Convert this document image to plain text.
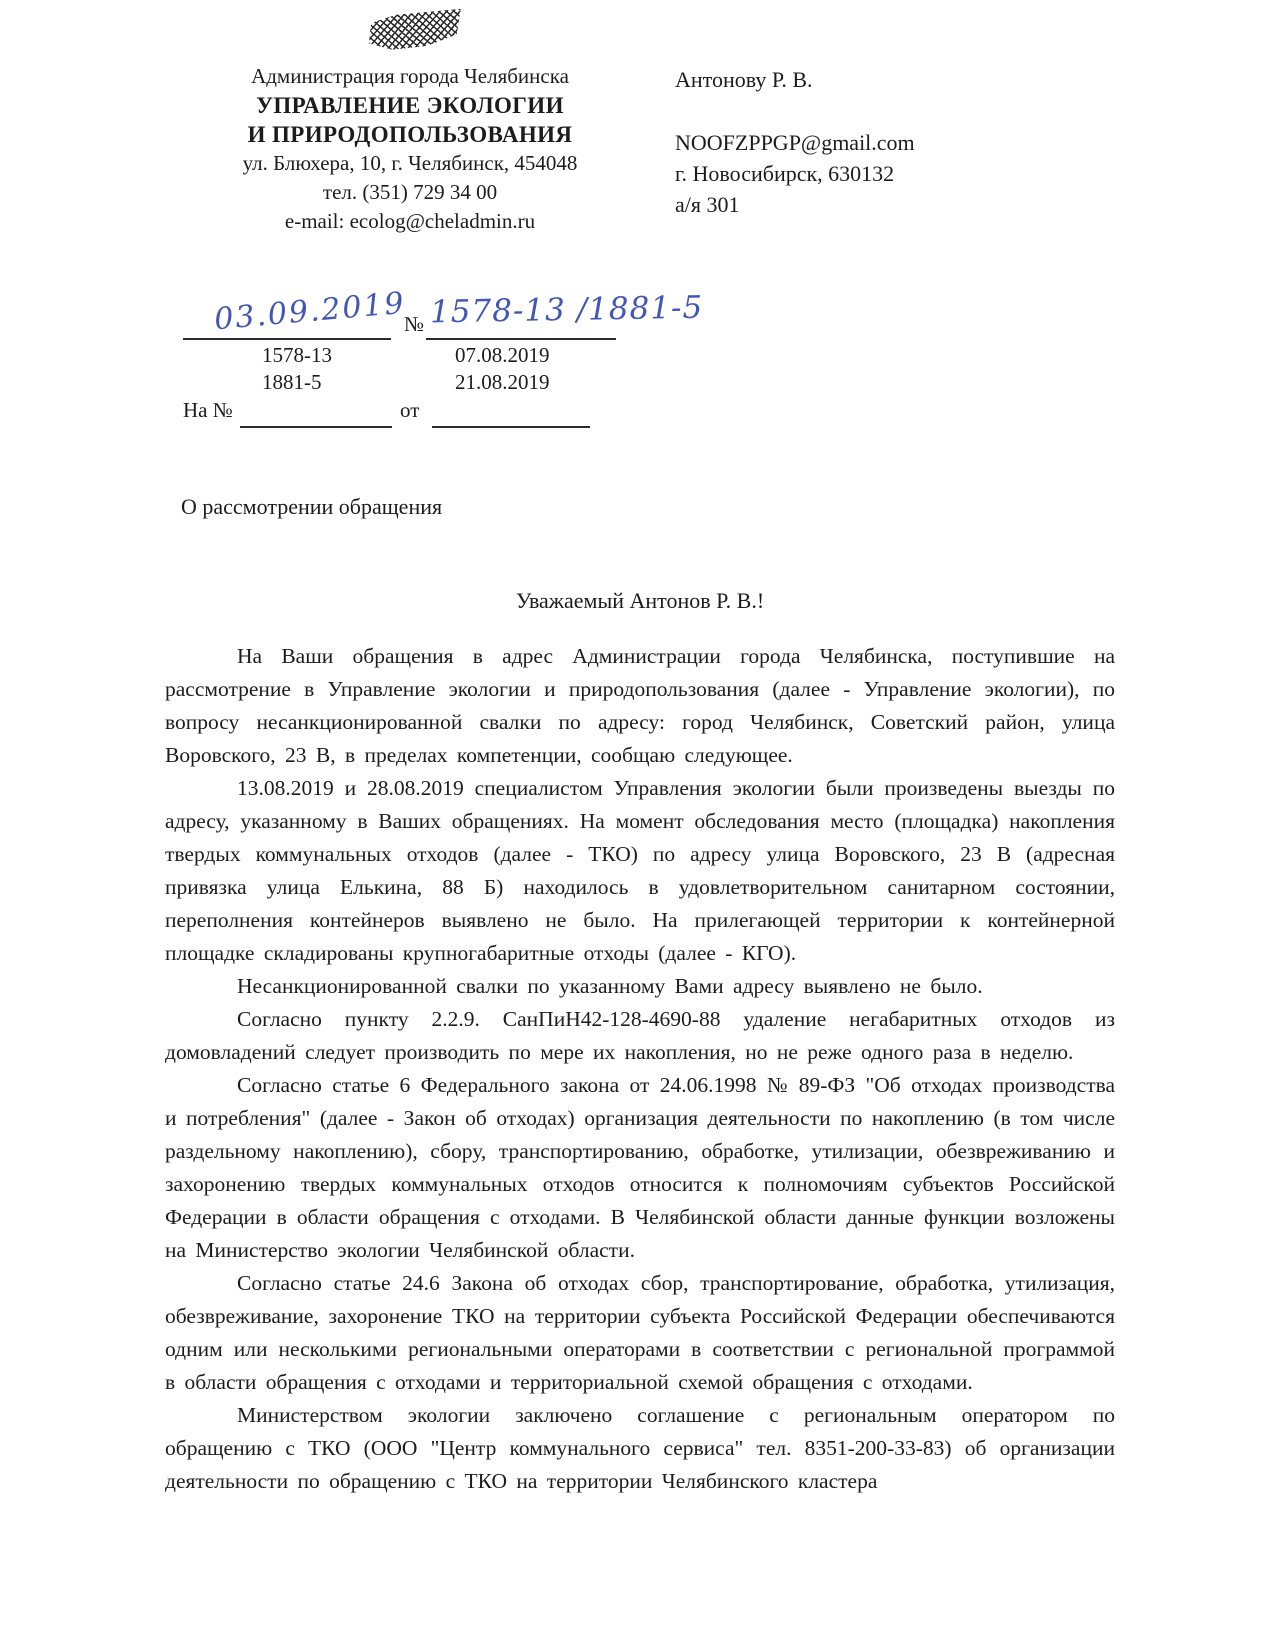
Администрация города Челябинска
УПРАВЛЕНИЕ ЭКОЛОГИИ
И ПРИРОДОПОЛЬЗОВАНИЯ
ул. Блюхера, 10, г. Челябинск, 454048
тел. (351) 729 34 00
e-mail: ecolog@cheladmin.ru
Антонову Р. В.
NOOFZPPGP@gmail.com
г. Новосибирск, 630132
а/я 301
03.09.2019
№ 1578-13 /1881-5
1578-13	07.08.2019
1881-5	21.08.2019
На №	от
О рассмотрении обращения
Уважаемый Антонов Р. В.!

На Ваши обращения в адрес Администрации города Челябинска, поступившие на рассмотрение в Управление экологии и природопользования (далее - Управление экологии), по вопросу несанкционированной свалки по адресу: город Челябинск, Советский район, улица Воровского, 23 В, в пределах компетенции, сообщаю следующее.

13.08.2019 и 28.08.2019 специалистом Управления экологии были произведены выезды по адресу, указанному в Ваших обращениях. На момент обследования место (площадка) накопления твердых коммунальных отходов (далее - ТКО) по адресу улица Воровского, 23 В (адресная привязка улица Елькина, 88 Б) находилось в удовлетворительном санитарном состоянии, переполнения контейнеров выявлено не было. На прилегающей территории к контейнерной площадке складированы крупногабаритные отходы (далее - КГО).

Несанкционированной свалки по указанному Вами адресу выявлено не было.

Согласно пункту 2.2.9. СанПиН42-128-4690-88 удаление негабаритных отходов из домовладений следует производить по мере их накопления, но не реже одного раза в неделю.

Согласно статье 6 Федерального закона от 24.06.1998 № 89-ФЗ "Об отходах производства и потребления" (далее - Закон об отходах) организация деятельности по накоплению (в том числе раздельному накоплению), сбору, транспортированию, обработке, утилизации, обезвреживанию и захоронению твердых коммунальных отходов относится к полномочиям субъектов Российской Федерации в области обращения с отходами. В Челябинской области данные функции возложены на Министерство экологии Челябинской области.

Согласно статье 24.6 Закона об отходах сбор, транспортирование, обработка, утилизация, обезвреживание, захоронение ТКО на территории субъекта Российской Федерации обеспечиваются одним или несколькими региональными операторами в соответствии с региональной программой в области обращения с отходами и территориальной схемой обращения с отходами.

Министерством экологии заключено соглашение с региональным оператором по обращению с ТКО (ООО "Центр коммунального сервиса" тел. 8351-200-33-83) об организации деятельности по обращению с ТКО на территории Челябинского кластера
